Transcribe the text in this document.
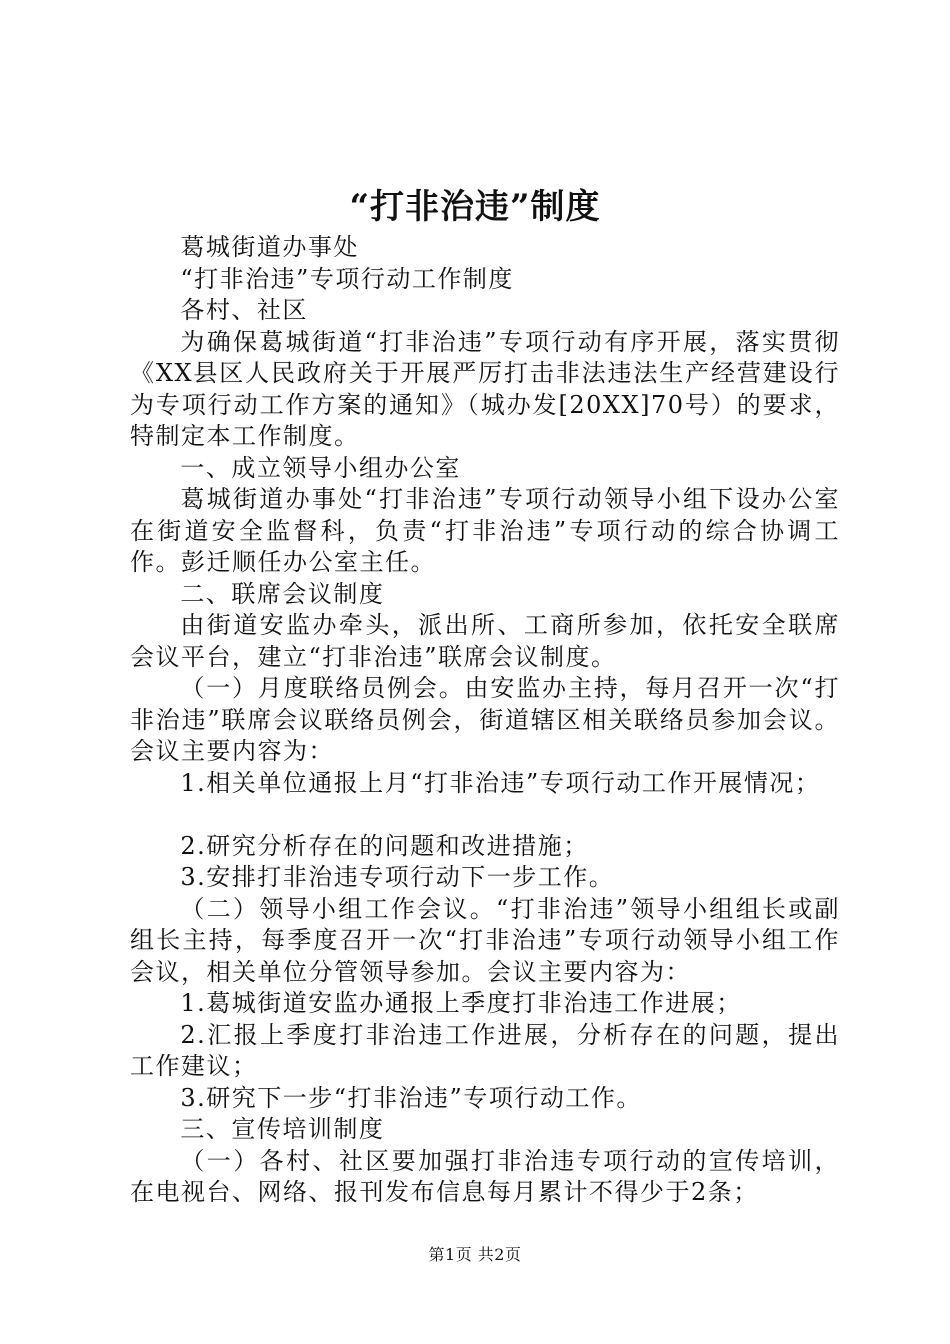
“打非治违”制度

葛城街道办事处

“打非治违”专项行动工作制度

各村、社区

为确保葛城街道“打非治违”专项行动有序开展，落实贯彻《XX县区人民政府关于开展严厉打击非法违法生产经营建设行为专项行动工作方案的通知》（城办发[20XX]70号）的要求，特制定本工作制度。

一、成立领导小组办公室

葛城街道办事处“打非治违”专项行动领导小组下设办公室在街道安全监督科，负责“打非治违”专项行动的综合协调工作。彭迁顺任办公室主任。

二、联席会议制度

由街道安监办牵头，派出所、工商所参加，依托安全联席会议平台，建立“打非治违”联席会议制度。

（一）月度联络员例会。由安监办主持，每月召开一次“打非治违”联席会议联络员例会，街道辖区相关联络员参加会议。会议主要内容为：

1.相关单位通报上月“打非治违”专项行动工作开展情况；

2.研究分析存在的问题和改进措施；

3.安排打非治违专项行动下一步工作。

（二）领导小组工作会议。“打非治违”领导小组组长或副组长主持，每季度召开一次“打非治违”专项行动领导小组工作会议，相关单位分管领导参加。会议主要内容为：

1.葛城街道安监办通报上季度打非治违工作进展；

2.汇报上季度打非治违工作进展，分析存在的问题，提出工作建议；

3.研究下一步“打非治违”专项行动工作。

三、宣传培训制度

（一）各村、社区要加强打非治违专项行动的宣传培训，在电视台、网络、报刊发布信息每月累计不得少于2条；

第1页 共2页
